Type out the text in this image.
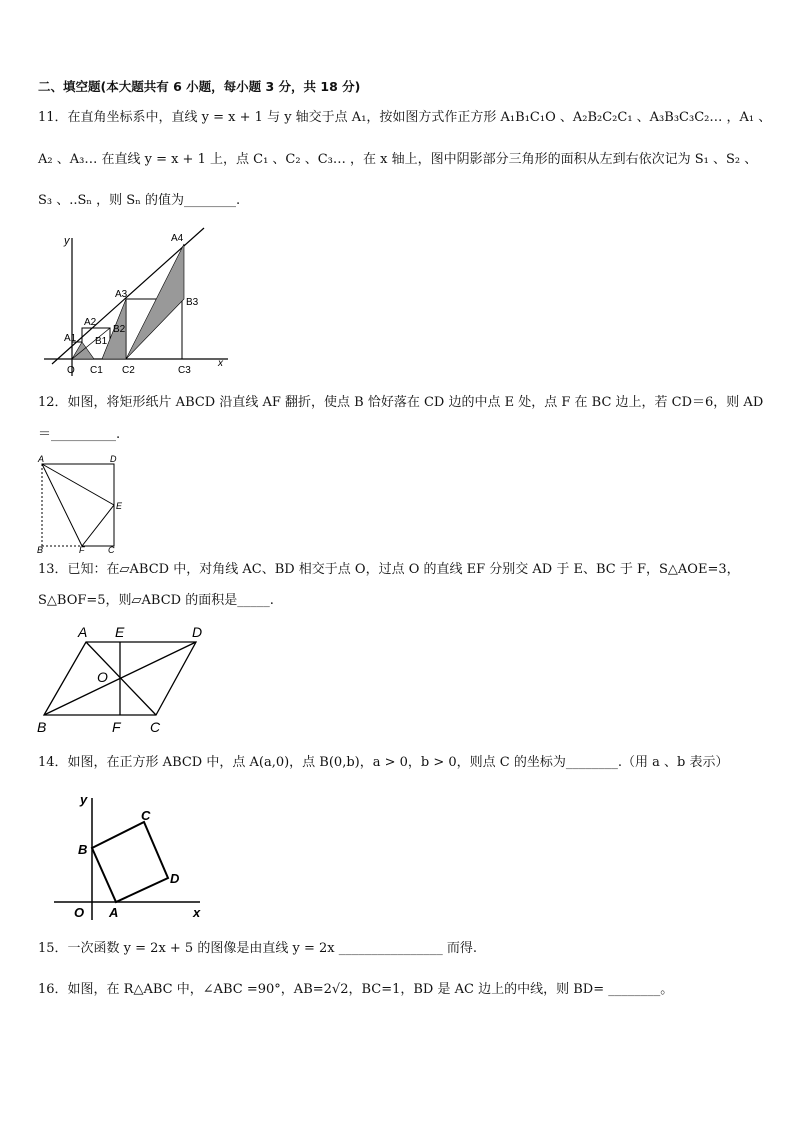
二、填空题(本大题共有 6 小题，每小题 3 分，共 18 分)
11．在直角坐标系中，直线 y = x + 1 与 y 轴交于点 A₁，按如图方式作正方形 A₁B₁C₁O 、A₂B₂C₂C₁ 、A₃B₃C₃C₂… ，A₁ 、
A₂ 、A₃… 在直线 y = x + 1 上，点 C₁ 、C₂ 、C₃… ，在 x 轴上，图中阴影部分三角形的面积从左到右依次记为 S₁ 、S₂ 、
S₃ 、..Sₙ ，则 Sₙ 的值为________.
y	A4
A3
B3
A2
B2
A1 B1
O C1 C2	C3
x
12．如图，将矩形纸片 ABCD 沿直线 AF 翻折，使点 B 恰好落在 CD 边的中点 E 处，点 F 在 BC 边上，若 CD＝6，则 AD
＝__________.
A	D
E
B	F	C
13．已知：在▱ABCD 中，对角线 AC、BD 相交于点 O，过点 O 的直线 EF 分别交 AD 于 E、BC 于 F，S△AOE=3，
S△BOF=5，则▱ABCD 的面积是_____.
A E	D
O
B	F C
14．如图，在正方形 ABCD 中，点 A(a,0)，点 B(0,b)，a > 0，b > 0，则点 C 的坐标为________.（用 a 、b 表示）
y
C
B
D
O A	x
15．一次函数 y = 2x + 5 的图像是由直线 y = 2x ________________ 而得.
16．如图，在 R△ABC 中，∠ABC =90°，AB=2√2，BC=1，BD 是 AC 边上的中线，则 BD= ________。
